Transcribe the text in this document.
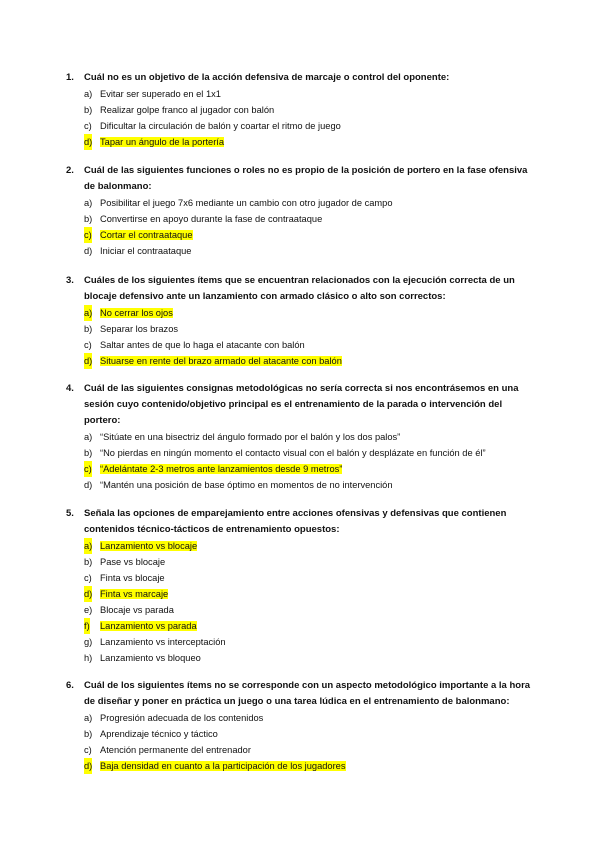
1. Cuál no es un objetivo de la acción defensiva de marcaje o control del oponente:
a) Evitar ser superado en el 1x1
b) Realizar golpe franco al jugador con balón
c) Dificultar la circulación de balón y coartar el ritmo de juego
d) Tapar un ángulo de la portería
2. Cuál de las siguientes funciones o roles no es propio de la posición de portero en la fase ofensiva de balonmano:
a) Posibilitar el juego 7x6 mediante un cambio con otro jugador de campo
b) Convertirse en apoyo durante la fase de contraataque
c) Cortar el contraataque
d) Iniciar el contraataque
3. Cuáles de los siguientes ítems que se encuentran relacionados con la ejecución correcta de un blocaje defensivo ante un lanzamiento con armado clásico o alto son correctos:
a) No cerrar los ojos
b) Separar los brazos
c) Saltar antes de que lo haga el atacante con balón
d) Situarse en rente del brazo armado del atacante con balón
4. Cuál de las siguientes consignas metodológicas no sería correcta si nos encontrásemos en una sesión cuyo contenido/objetivo principal es el entrenamiento de la parada o intervención del portero:
a) “Sitúate en una bisectriz del ángulo formado por el balón y los dos palos”
b) “No pierdas en ningún momento el contacto visual con el balón y desplázate en función de él”
c) “Adelántate 2-3 metros ante lanzamientos desde 9 metros”
d) “Mantén una posición de base óptimo en momentos de no intervención
5. Señala las opciones de emparejamiento entre acciones ofensivas y defensivas que contienen contenidos técnico-tácticos de entrenamiento opuestos:
a) Lanzamiento vs blocaje
b) Pase vs blocaje
c) Finta vs blocaje
d) Finta vs marcaje
e) Blocaje vs parada
f) Lanzamiento vs parada
g) Lanzamiento vs interceptación
h) Lanzamiento vs bloqueo
6. Cuál de los siguientes ítems no se corresponde con un aspecto metodológico importante a la hora de diseñar y poner en práctica un juego o una tarea lúdica en el entrenamiento de balonmano:
a) Progresión adecuada de los contenidos
b) Aprendizaje técnico y táctico
c) Atención permanente del entrenador
d) Baja densidad en cuanto a la participación de los jugadores
